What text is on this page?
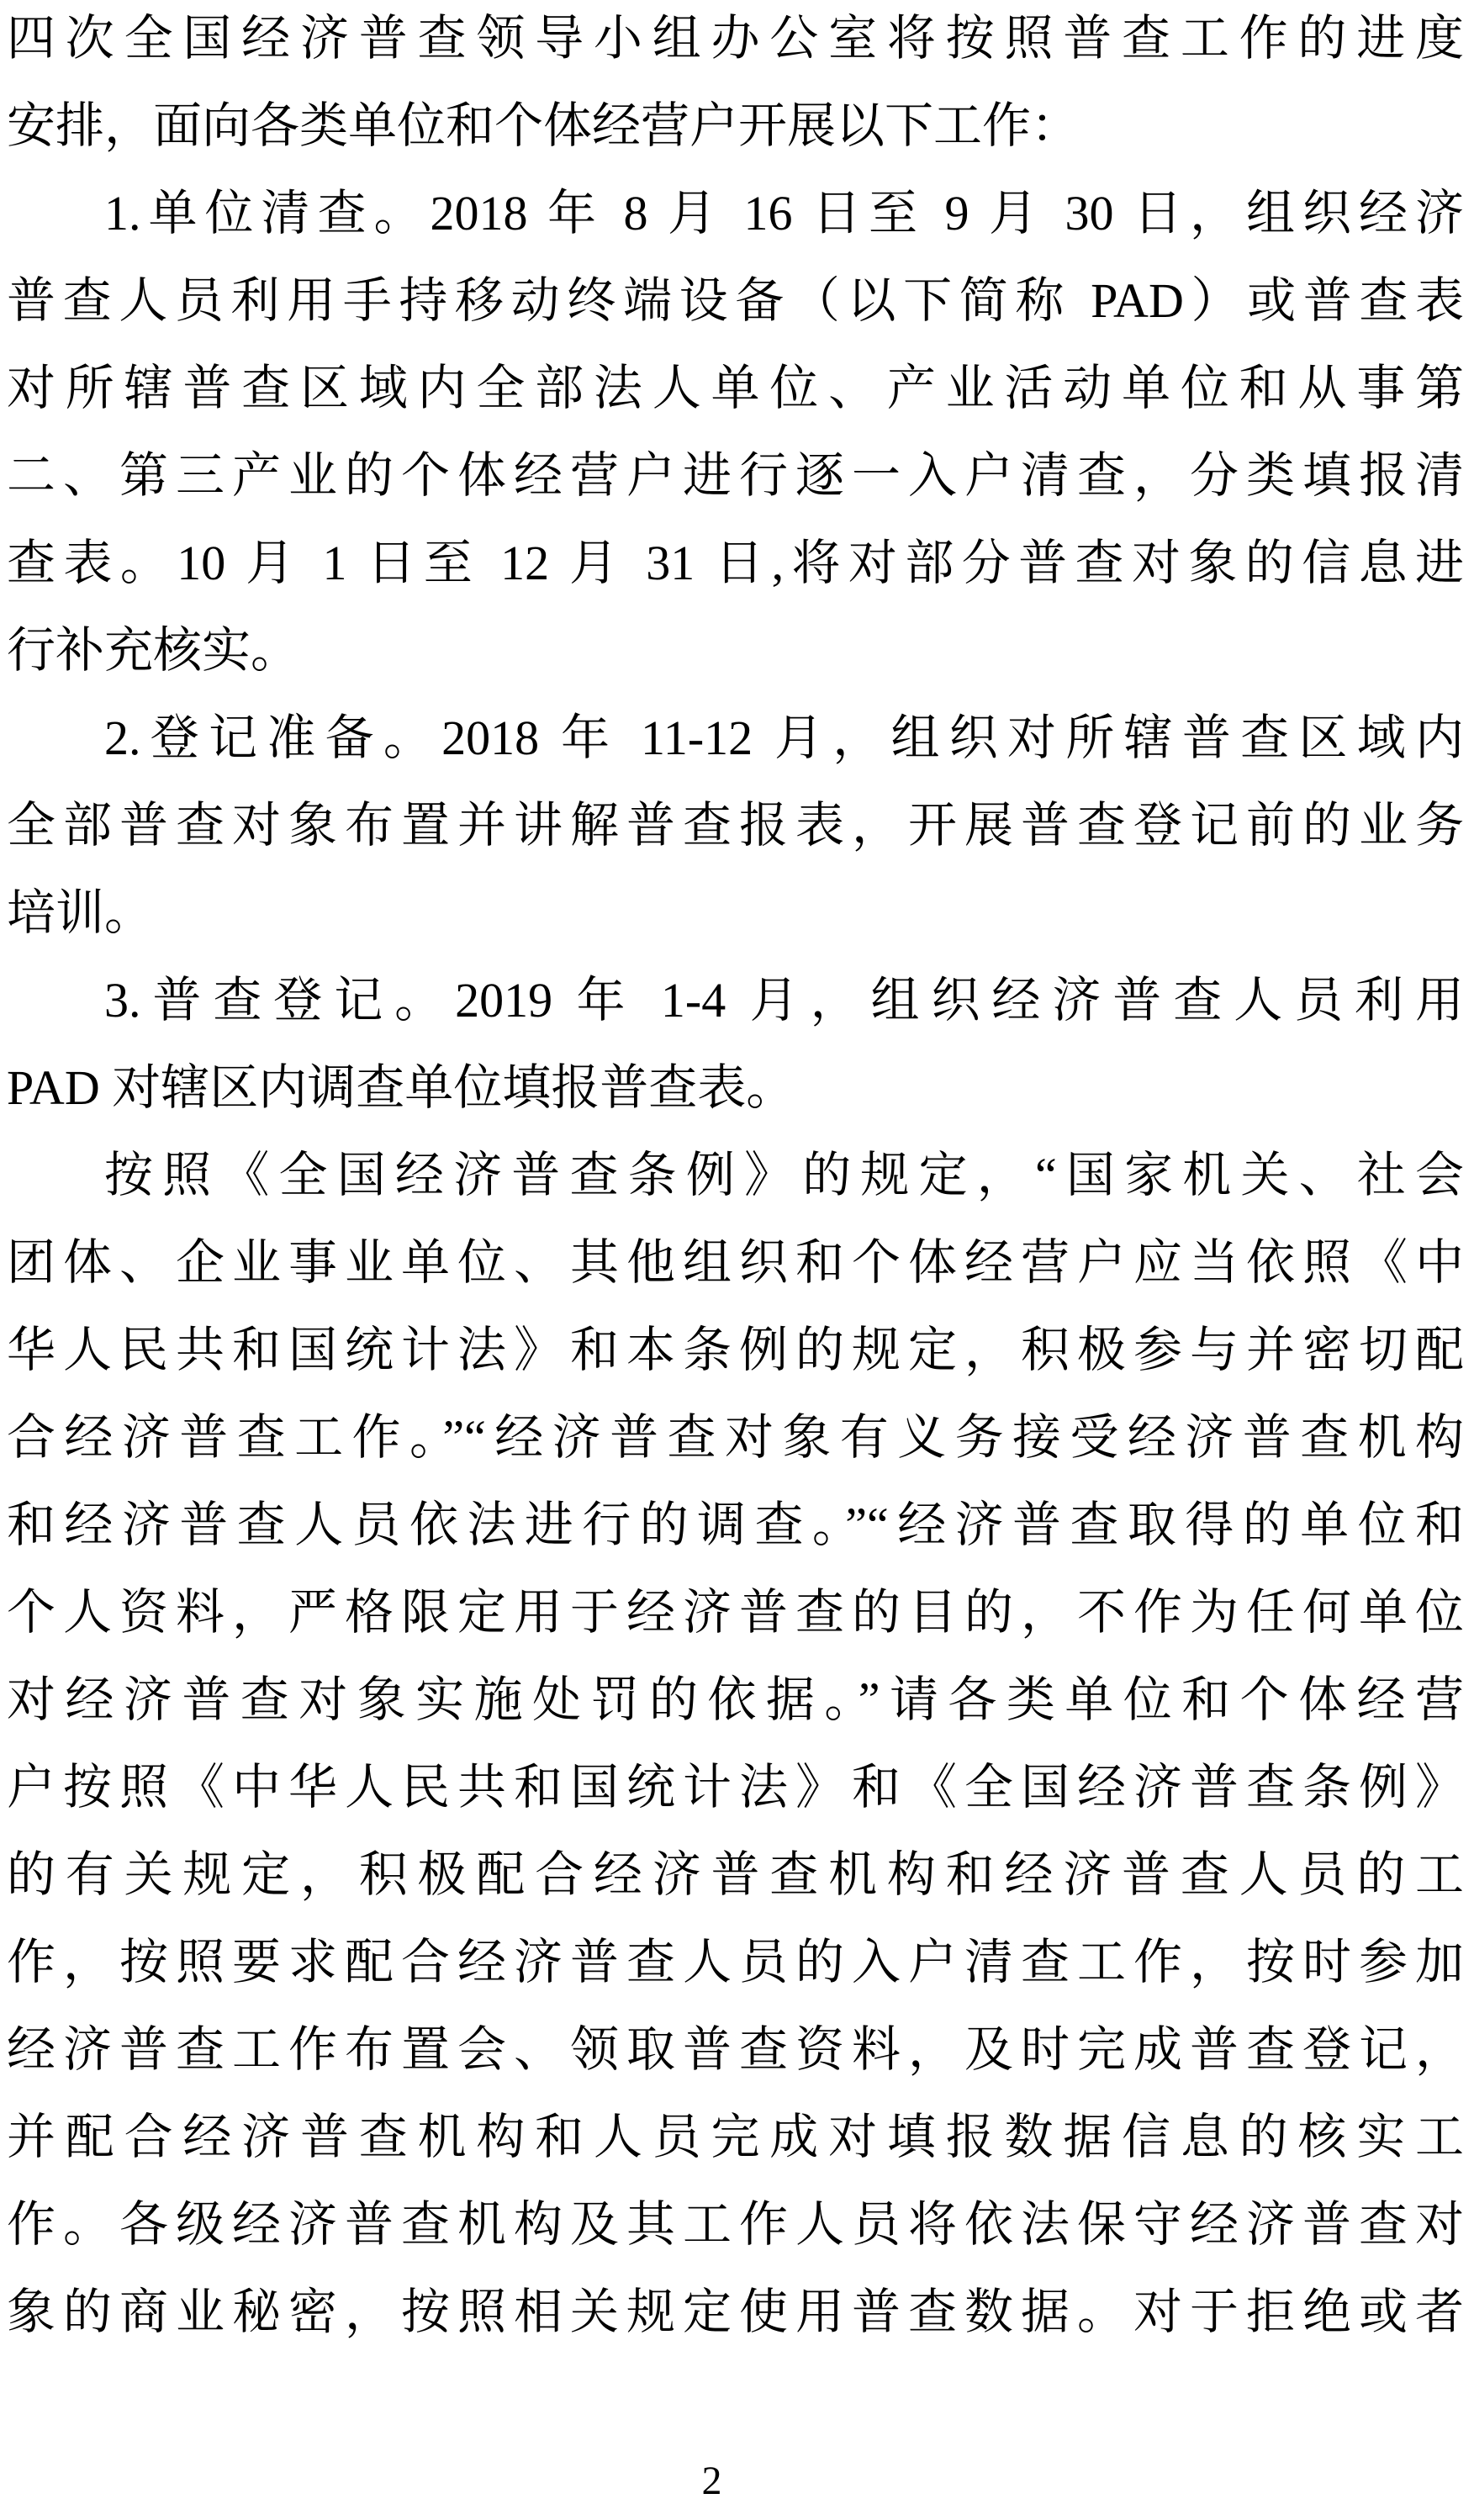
四次全国经济普查领导小组办公室将按照普查工作的进度
安排，面向各类单位和个体经营户开展以下工作：
1.单位清查。2018 年 8 月 16 日至 9 月 30 日，组织经济
普查人员利用手持移动终端设备（以下简称 PAD）或普查表
对所辖普查区域内全部法人单位、产业活动单位和从事第
二、第三产业的个体经营户进行逐一入户清查，分类填报清
查表。10 月 1 日至 12 月 31 日,将对部分普查对象的信息进
行补充核实。
2.登记准备。2018 年 11-12 月，组织对所辖普查区域内
全部普查对象布置并讲解普查报表，开展普查登记前的业务
培训。
3.普查登记。2019 年 1-4 月，组织经济普查人员利用
PAD 对辖区内调查单位填报普查表。
按照《全国经济普查条例》的规定，“国家机关、社会
团体、企业事业单位、其他组织和个体经营户应当依照《中
华人民共和国统计法》和本条例的规定，积极参与并密切配
合经济普查工作。”“经济普查对象有义务接受经济普查机构
和经济普查人员依法进行的调查。”“经济普查取得的单位和
个人资料，严格限定用于经济普查的目的，不作为任何单位
对经济普查对象实施处罚的依据。”请各类单位和个体经营
户按照《中华人民共和国统计法》和《全国经济普查条例》
的有关规定，积极配合经济普查机构和经济普查人员的工
作，按照要求配合经济普查人员的入户清查工作，按时参加
经济普查工作布置会、领取普查资料，及时完成普查登记，
并配合经济普查机构和人员完成对填报数据信息的核实工
作。各级经济普查机构及其工作人员将依法保守经济普查对
象的商业秘密，按照相关规定使用普查数据。对于拒绝或者
2
